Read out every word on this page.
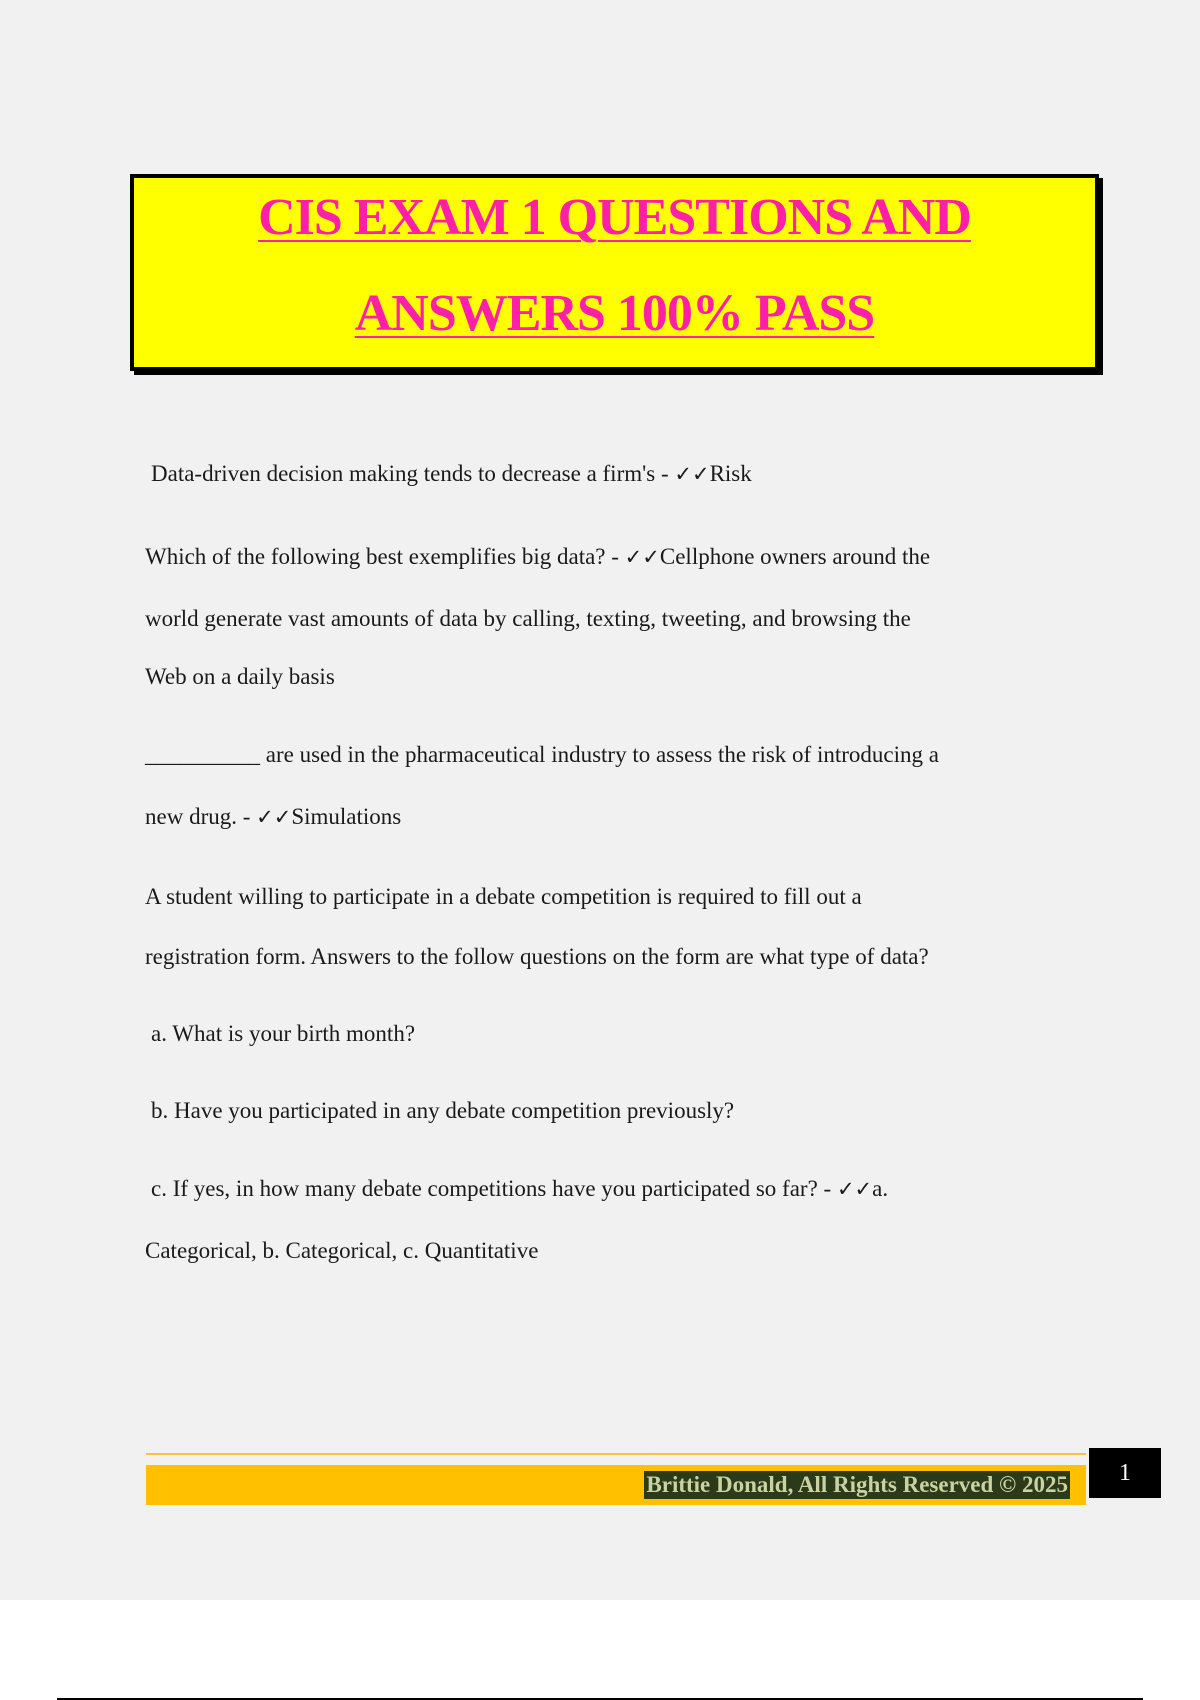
CIS EXAM 1 QUESTIONS AND
ANSWERS 100% PASS
Data-driven decision making tends to decrease a firm's - ✓✓Risk
Which of the following best exemplifies big data? - ✓✓Cellphone owners around the
world generate vast amounts of data by calling, texting, tweeting, and browsing the
Web on a daily basis
__________ are used in the pharmaceutical industry to assess the risk of introducing a
new drug. - ✓✓Simulations
A student willing to participate in a debate competition is required to fill out a
registration form. Answers to the follow questions on the form are what type of data?
a. What is your birth month?
b. Have you participated in any debate competition previously?
c. If yes, in how many debate competitions have you participated so far? - ✓✓a.
Categorical, b. Categorical, c. Quantitative
Brittie Donald, All Rights Reserved © 2025	1
